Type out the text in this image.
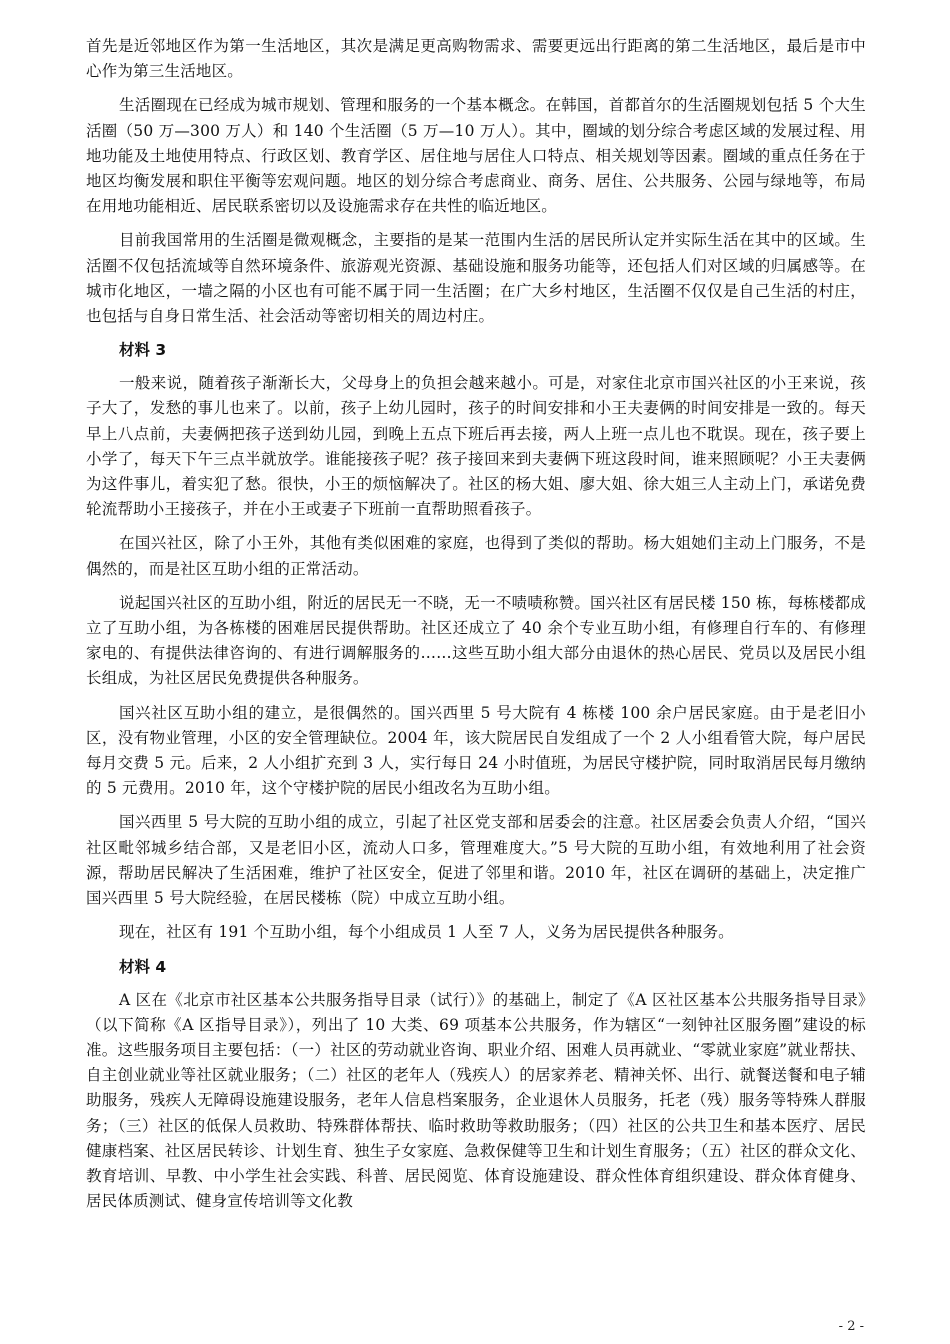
首先是近邻地区作为第一生活地区，其次是满足更高购物需求、需要更远出行距离的第二生活地区，最后是市中心作为第三生活地区。

生活圈现在已经成为城市规划、管理和服务的一个基本概念。在韩国，首都首尔的生活圈规划包括 5 个大生活圈（50 万—300 万人）和 140 个生活圈（5 万—10 万人）。其中，圈域的划分综合考虑区域的发展过程、用地功能及土地使用特点、行政区划、教育学区、居住地与居住人口特点、相关规划等因素。圈域的重点任务在于地区均衡发展和职住平衡等宏观问题。地区的划分综合考虑商业、商务、居住、公共服务、公园与绿地等，布局在用地功能相近、居民联系密切以及设施需求存在共性的临近地区。

目前我国常用的生活圈是微观概念，主要指的是某一范围内生活的居民所认定并实际生活在其中的区域。生活圈不仅包括流域等自然环境条件、旅游观光资源、基础设施和服务功能等，还包括人们对区域的归属感等。在城市化地区，一墙之隔的小区也有可能不属于同一生活圈；在广大乡村地区，生活圈不仅仅是自己生活的村庄，也包括与自身日常生活、社会活动等密切相关的周边村庄。

材料 3

一般来说，随着孩子渐渐长大，父母身上的负担会越来越小。可是，对家住北京市国兴社区的小王来说，孩子大了，发愁的事儿也来了。以前，孩子上幼儿园时，孩子的时间安排和小王夫妻俩的时间安排是一致的。每天早上八点前，夫妻俩把孩子送到幼儿园，到晚上五点下班后再去接，两人上班一点儿也不耽误。现在，孩子要上小学了，每天下午三点半就放学。谁能接孩子呢？孩子接回来到夫妻俩下班这段时间，谁来照顾呢？小王夫妻俩为这件事儿，着实犯了愁。很快，小王的烦恼解决了。社区的杨大姐、廖大姐、徐大姐三人主动上门，承诺免费轮流帮助小王接孩子，并在小王或妻子下班前一直帮助照看孩子。

在国兴社区，除了小王外，其他有类似困难的家庭，也得到了类似的帮助。杨大姐她们主动上门服务，不是偶然的，而是社区互助小组的正常活动。

说起国兴社区的互助小组，附近的居民无一不晓，无一不啧啧称赞。国兴社区有居民楼 150 栋，每栋楼都成立了互助小组，为各栋楼的困难居民提供帮助。社区还成立了 40 余个专业互助小组，有修理自行车的、有修理家电的、有提供法律咨询的、有进行调解服务的……这些互助小组大部分由退休的热心居民、党员以及居民小组长组成，为社区居民免费提供各种服务。

国兴社区互助小组的建立，是很偶然的。国兴西里 5 号大院有 4 栋楼 100 余户居民家庭。由于是老旧小区，没有物业管理，小区的安全管理缺位。2004 年，该大院居民自发组成了一个 2 人小组看管大院，每户居民每月交费 5 元。后来，2 人小组扩充到 3 人，实行每日 24 小时值班，为居民守楼护院，同时取消居民每月缴纳的 5 元费用。2010 年，这个守楼护院的居民小组改名为互助小组。

国兴西里 5 号大院的互助小组的成立，引起了社区党支部和居委会的注意。社区居委会负责人介绍，“国兴社区毗邻城乡结合部，又是老旧小区，流动人口多，管理难度大。”5 号大院的互助小组，有效地利用了社会资源，帮助居民解决了生活困难，维护了社区安全，促进了邻里和谐。2010 年，社区在调研的基础上，决定推广国兴西里 5 号大院经验，在居民楼栋（院）中成立互助小组。

现在，社区有 191 个互助小组，每个小组成员 1 人至 7 人，义务为居民提供各种服务。

材料 4

A 区在《北京市社区基本公共服务指导目录（试行）》的基础上，制定了《A 区社区基本公共服务指导目录》（以下简称《A 区指导目录》），列出了 10 大类、69 项基本公共服务，作为辖区“一刻钟社区服务圈”建设的标准。这些服务项目主要包括：（一）社区的劳动就业咨询、职业介绍、困难人员再就业、“零就业家庭”就业帮扶、自主创业就业等社区就业服务；（二）社区的老年人（残疾人）的居家养老、精神关怀、出行、就餐送餐和电子辅助服务，残疾人无障碍设施建设服务，老年人信息档案服务，企业退休人员服务，托老（残）服务等特殊人群服务；（三）社区的低保人员救助、特殊群体帮扶、临时救助等救助服务；（四）社区的公共卫生和基本医疗、居民健康档案、社区居民转诊、计划生育、独生子女家庭、急救保健等卫生和计划生育服务；（五）社区的群众文化、教育培训、早教、中小学生社会实践、科普、居民阅览、体育设施建设、群众性体育组织建设、群众体育健身、居民体质测试、健身宣传培训等文化教

- 2 -
